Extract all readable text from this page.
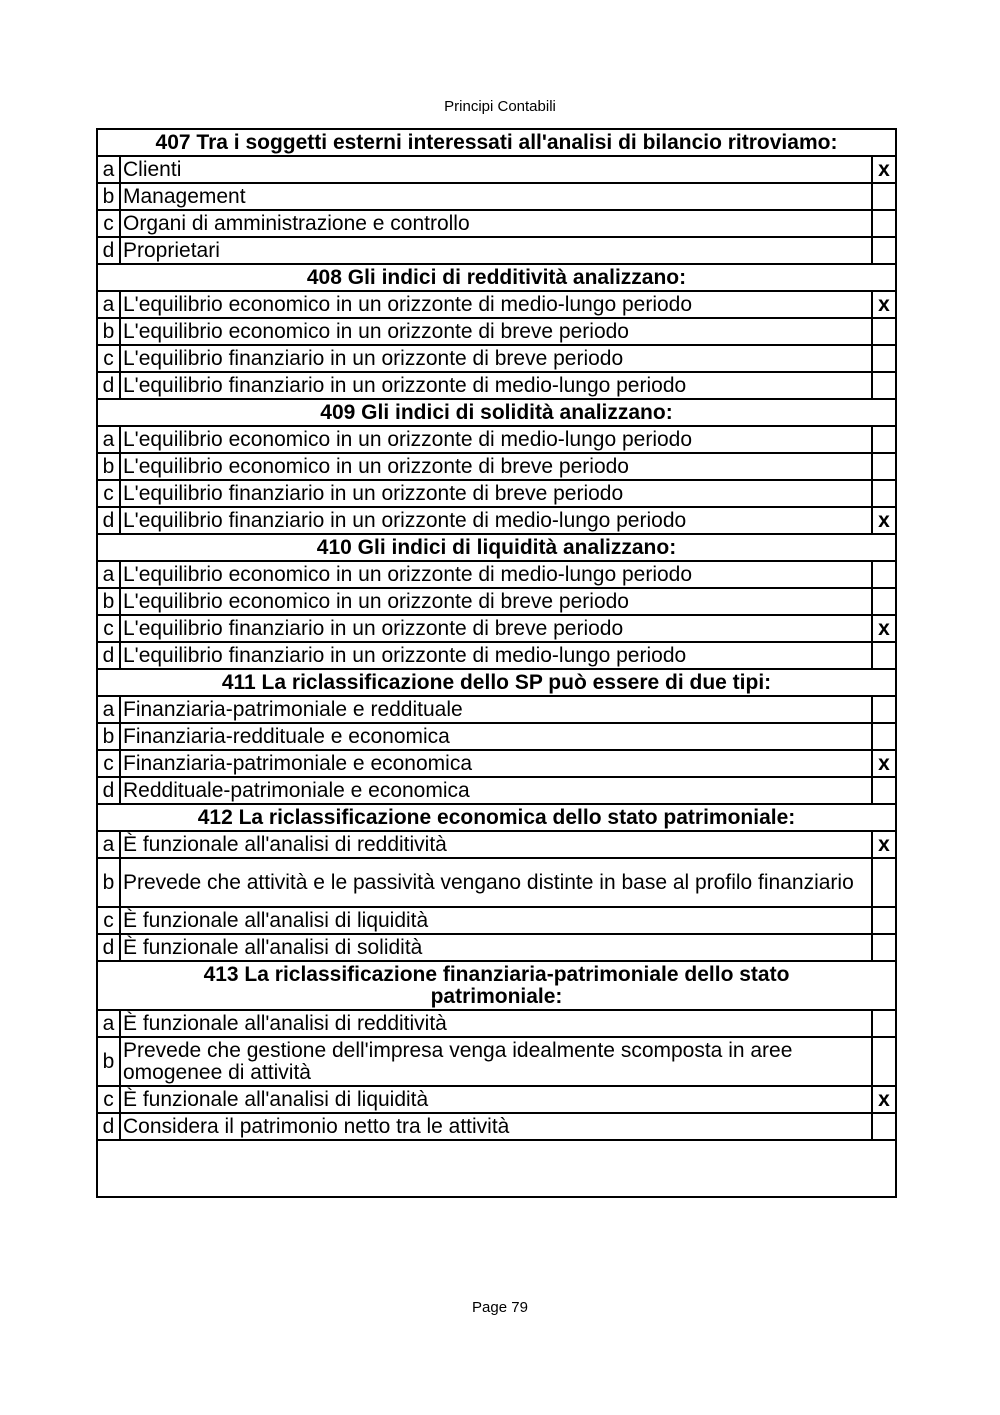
Principi Contabili
407 Tra i soggetti esterni interessati all'analisi di bilancio ritroviamo:		
a	Clienti	x
b	Management	
c	Organi di amministrazione e controllo	
d	Proprietari	
408 Gli indici di redditività analizzano:		
a	L'equilibrio economico in un orizzonte di medio-lungo periodo	x
b	L'equilibrio economico in un orizzonte di breve periodo	
c	L'equilibrio finanziario in un orizzonte di breve periodo	
d	L'equilibrio finanziario in un orizzonte di medio-lungo periodo	
409 Gli indici di solidità analizzano:		
a	L'equilibrio economico in un orizzonte di medio-lungo periodo	
b	L'equilibrio economico in un orizzonte di breve periodo	
c	L'equilibrio finanziario in un orizzonte di breve periodo	
d	L'equilibrio finanziario in un orizzonte di medio-lungo periodo	x
410 Gli indici di liquidità analizzano:		
a	L'equilibrio economico in un orizzonte di medio-lungo periodo	
b	L'equilibrio economico in un orizzonte di breve periodo	
c	L'equilibrio finanziario in un orizzonte di breve periodo	x
d	L'equilibrio finanziario in un orizzonte di medio-lungo periodo	
411 La riclassificazione dello SP può essere di due tipi:		
a	Finanziaria-patrimoniale e reddituale	
b	Finanziaria-reddituale e economica	
c	Finanziaria-patrimoniale e economica	x
d	Reddituale-patrimoniale e economica	
412 La riclassificazione economica dello stato patrimoniale:		
a	È funzionale all'analisi di redditività	x
b	Prevede che attività e le passività vengano distinte in base al profilo finanziario	
c	È funzionale all'analisi di liquidità	
d	È funzionale all'analisi di solidità	
413 La riclassificazione finanziaria-patrimoniale dello stato patrimoniale:		
a	È funzionale all'analisi di redditività	
b	Prevede che gestione dell'impresa venga idealmente scomposta in aree omogenee di attività	
c	È funzionale all'analisi di liquidità	x
d	Considera il patrimonio netto tra le attività	

Page 79
